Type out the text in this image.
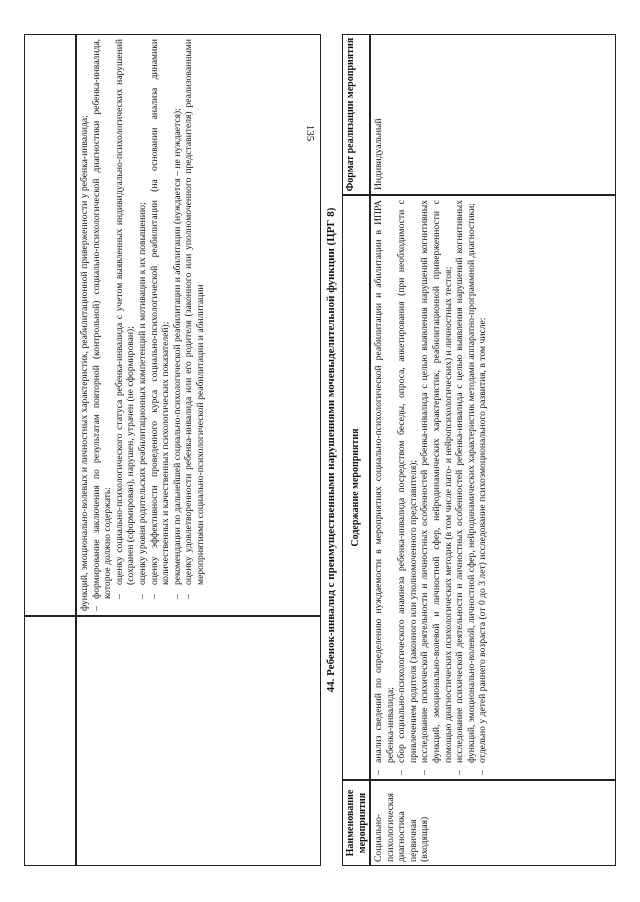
135

функций, эмоционально-волевых и личностных характеристик, реабилитационной приверженности у ребенка-инвалида; – формирование заключения по результатам повторной (контрольной) социально-психологической диагностики ребенка-инвалида, которое должно содержать: – оценку социально-психологического статуса ребенка-инвалида с учетом выявленных индивидуально-психологических нарушений (сохранен (сформирован), нарушен, утрачен (не сформирован); – оценку уровня родительских реабилитационных компетенций и мотивации к их повышению; – оценку эффективности проведенного курса социально-психологической реабилитации (на основании анализа динамики количественных и качественных психологических показателей); – рекомендации по дальнейшей социально-психологической реабилитации и абилитации (нуждается – не нуждается); – оценку удовлетворенности ребенка-инвалида или его родителя (законного или уполномоченного представителя) реализованными мероприятиями социально-психологической реабилитации и абилитации	44. Ребенок-инвалид с преимущественными нарушениями мочевыделительной функции (ЦРГ 8)
Наименование мероприятия
Содержание мероприятия
Формат реализации мероприятия
Социально-психологическая диагностика первичная (входящая)

– анализ сведений по определению нуждаемости в мероприятиях социально-психологической реабилитации и абилитации в ИПРА ребенка-инвалида; – сбор социально-психологического анамнеза ребенка-инвалида посредством беседы, опроса, анкетирования (при необходимости с привлечением родителя (законного или уполномоченного представителя); – исследование психической деятельности и личностных особенностей ребенка-инвалида с целью выявления нарушений когнитивных функций, эмоционально-волевой и личностной сфер, нейродинамических характеристик, реабилитационной приверженности с помощью диагностических психологических методик (в том числе пато- и нейропсихологических) и личностных тестов; – исследование психической деятельности и личностных особенностей ребенка-инвалида с целью выявления нарушений когнитивных функций, эмоционально-волевой, личностной сфер, нейродинамических характеристик методами аппаратно-программной диагностики; – отдельно у детей раннего возраста (от 0 до 3 лет) исследование психоэмоционального развития, в том числе:

Индивидуальный
